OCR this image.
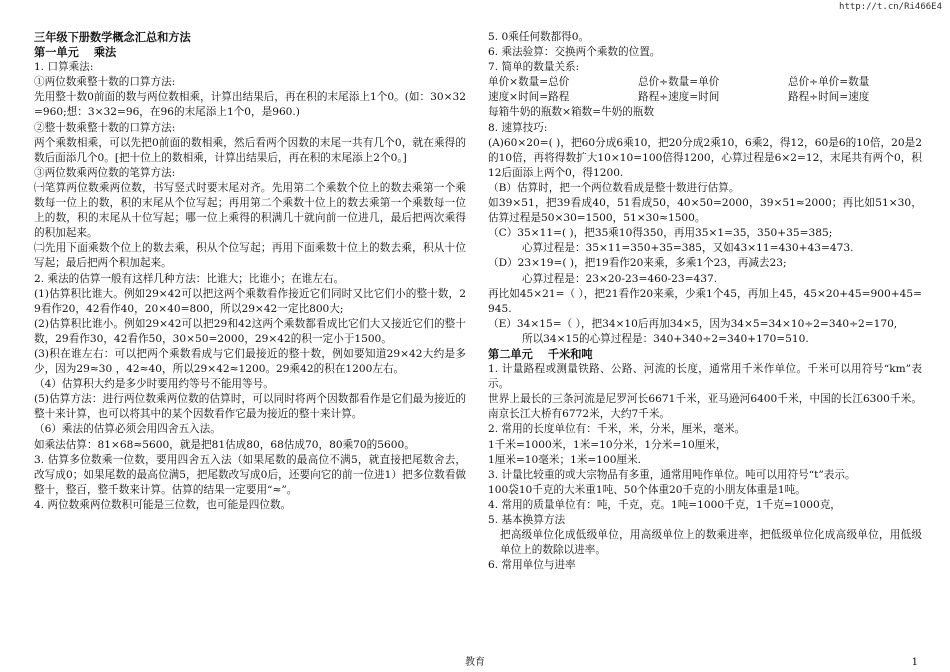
http://t.cn/Ri466E4

三年级下册数学概念汇总和方法

第一单元　 乘法

1. 口算乘法:

①两位数乘整十数的口算方法:

先用整十数0前面的数与两位数相乘，计算出结果后，再在积的末尾添上1个0。(如：30×32=960;想：3×32=96，在96的末尾添上1个0，是960.)

②整十数乘整十数的口算方法:

两个乘数相乘，可以先把0前面的数相乘，然后看两个因数的末尾一共有几个0，就在乘得的数后面添几个0。[把十位上的数相乘，计算出结果后，再在积的末尾添上2个0。]

③两位数乘两位数的笔算方法:

㈠笔算两位数乘两位数，书写竖式时要末尾对齐。先用第二个乘数个位上的数去乘第一个乘数每一位上的数，积的末尾从个位写起；再用第二个乘数十位上的数去乘第一个乘数每一位上的数，积的末尾从十位写起；哪一位上乘得的积满几十就向前一位进几，最后把两次乘得的积加起来。

㈡先用下面乘数个位上的数去乘，积从个位写起；再用下面乘数十位上的数去乘，积从十位写起；最后把两个积加起来。

2. 乘法的估算一般有这样几种方法：比谁大；比谁小；在谁左右。

(1)估算积比谁大。例如29×42可以把这两个乘数看作接近它们同时又比它们小的整十数，29看作20，42看作40，20×40=800，所以29×42一定比800大;

(2)估算积比谁小。例如29×42可以把29和42这两个乘数都看成比它们大又接近它们的整十数，29看作30，42看作50，30×50=2000，29×42的积一定小于1500。

(3)积在谁左右：可以把两个乘数看成与它们最接近的整十数，例如要知道29×42大约是多少，因为29≈30 ，42≈40，所以29×42≈1200。29乘42的积在1200左右。

（4）估算积大约是多少时要用约等号不能用等号。

(5)估算方法：进行两位数乘两位数的估算时，可以同时将两个因数都看作是它们最为接近的整十来计算，也可以将其中的某个因数看作它最为接近的整十来计算。

（6）乘法的估算必须会用四舍五入法。

如乘法估算：81×68≈5600，就是把81估成80，68估成70，80乘70的5600。

3. 估算多位数乘一位数，要用四舍五入法（如果尾数的最高位不满5，就直接把尾数舍去，改写成0；如果尾数的最高位满5，把尾数改写成0后，还要向它的前一位进1）把多位数看做整十，整百，整千数来计算。估算的结果一定要用“≈”。

4. 两位数乘两位数积可能是三位数，也可能是四位数。

5. 0乘任何数都得0。

6. 乘法验算：交换两个乘数的位置。

7. 简单的数量关系:

单价×数量=总价	总价÷数量=单价	总价÷单价=数量

速度×时间=路程	路程÷速度=时间	路程÷时间=速度

每箱牛奶的瓶数×箱数=牛奶的瓶数

8. 速算技巧:

(A)60×20=( )，把60分成6乘10，把20分成2乘10，6乘2，得12，60是6的10倍，20是2的10倍，再将得数扩大10×10=100倍得1200，心算过程是6×2=12，末尾共有两个0，积12后面添上两个0，得1200.

（B）估算时，把一个两位数看成是整十数进行估算。

如39×51，把39看成40，51看成50，40×50=2000，39×51≈2000；再比如51×30，估算过程是50×30=1500，51×30≈1500。

（C）35×11=( )，把35乘10得350，再用35×1=35，350+35=385;

心算过程是：35×11=350+35=385，又如43×11=430+43=473.

（D）23×19=( )，把19看作20来乘，多乘1个23，再减去23;

心算过程是：23×20-23=460-23=437.

再比如45×21=（ ），把21看作20来乘，少乘1个45，再加上45，45×20+45=900+45=945.

（E）34×15=（ ），把34×10后再加34×5，因为34×5=34×10÷2=340÷2=170,

所以34×15的心算过程是：340+340÷2=340+170=510.

第二单元　 千米和吨

1. 计量路程或测量铁路、公路、河流的长度，通常用千米作单位。千米可以用符号“km”表示。

世界上最长的三条河流是尼罗河长6671千米，亚马逊河6400千米，中国的长江6300千米。南京长江大桥有6772米，大约7千米。

2. 常用的长度单位有：千米，米，分米，厘米，毫米。

1千米=1000米，1米=10分米，1分米=10厘米，

1厘米=10毫米；1米=100厘米.

3. 计量比较重的或大宗物品有多重，通常用吨作单位。吨可以用符号“t”表示。

100袋10千克的大米重1吨、50个体重20千克的小朋友体重是1吨。

4. 常用的质量单位有：吨，千克，克。1吨=1000千克，1千克=1000克，

5. 基本换算方法

把高级单位化成低级单位，用高级单位上的数乘进率，把低级单位化成高级单位，用低级单位上的数除以进率。

6. 常用单位与进率

教育	1
